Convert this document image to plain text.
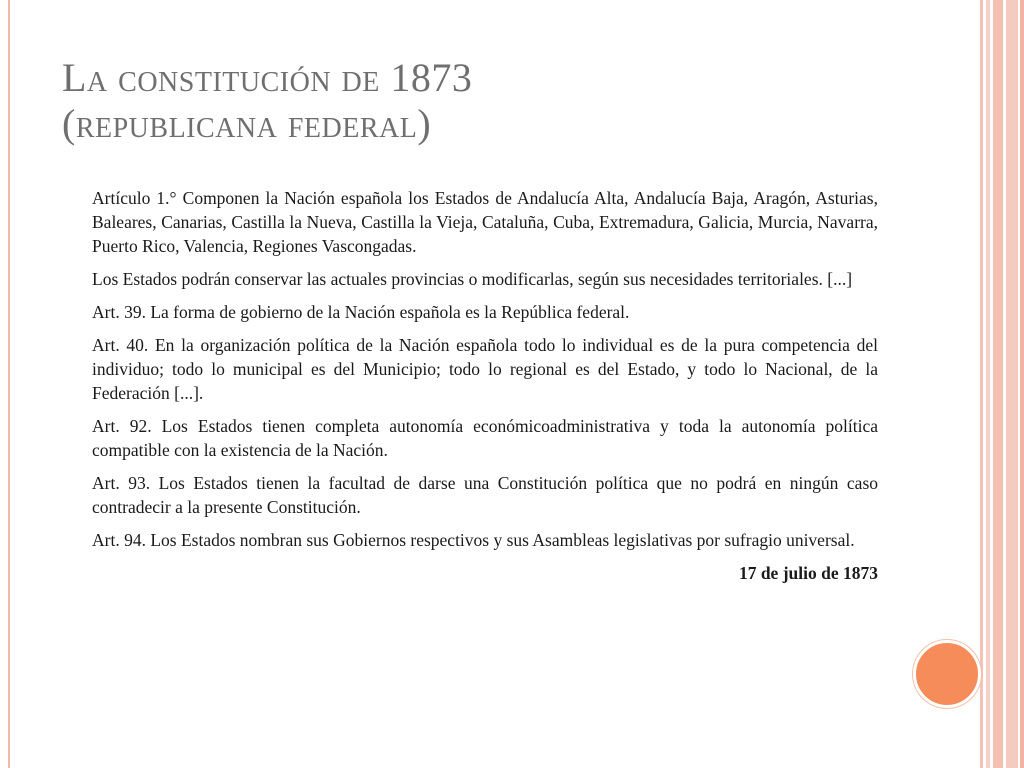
La constitución de 1873
(republicana federal)

Artículo 1.° Componen la Nación española los Estados de Andalucía Alta, Andalucía Baja, Aragón, Asturias, Baleares, Canarias, Castilla la Nueva, Castilla la Vieja, Cataluña, Cuba, Extremadura, Galicia, Murcia, Navarra, Puerto Rico, Valencia, Regiones Vascongadas.

Los Estados podrán conservar las actuales provincias o modificarlas, según sus necesidades territoriales. [...]

Art. 39. La forma de gobierno de la Nación española es la República federal.

Art. 40. En la organización política de la Nación española todo lo individual es de la pura competencia del individuo; todo lo municipal es del Municipio; todo lo regional es del Estado, y todo lo Nacional, de la Federación [...].

Art. 92. Los Estados tienen completa autonomía económicoadministrativa y toda la autonomía política compatible con la existencia de la Nación.

Art. 93. Los Estados tienen la facultad de darse una Constitución política que no podrá en ningún caso contradecir a la presente Constitución.

Art. 94. Los Estados nombran sus Gobiernos respectivos y sus Asambleas legislativas por sufragio universal.

17 de julio de 1873
